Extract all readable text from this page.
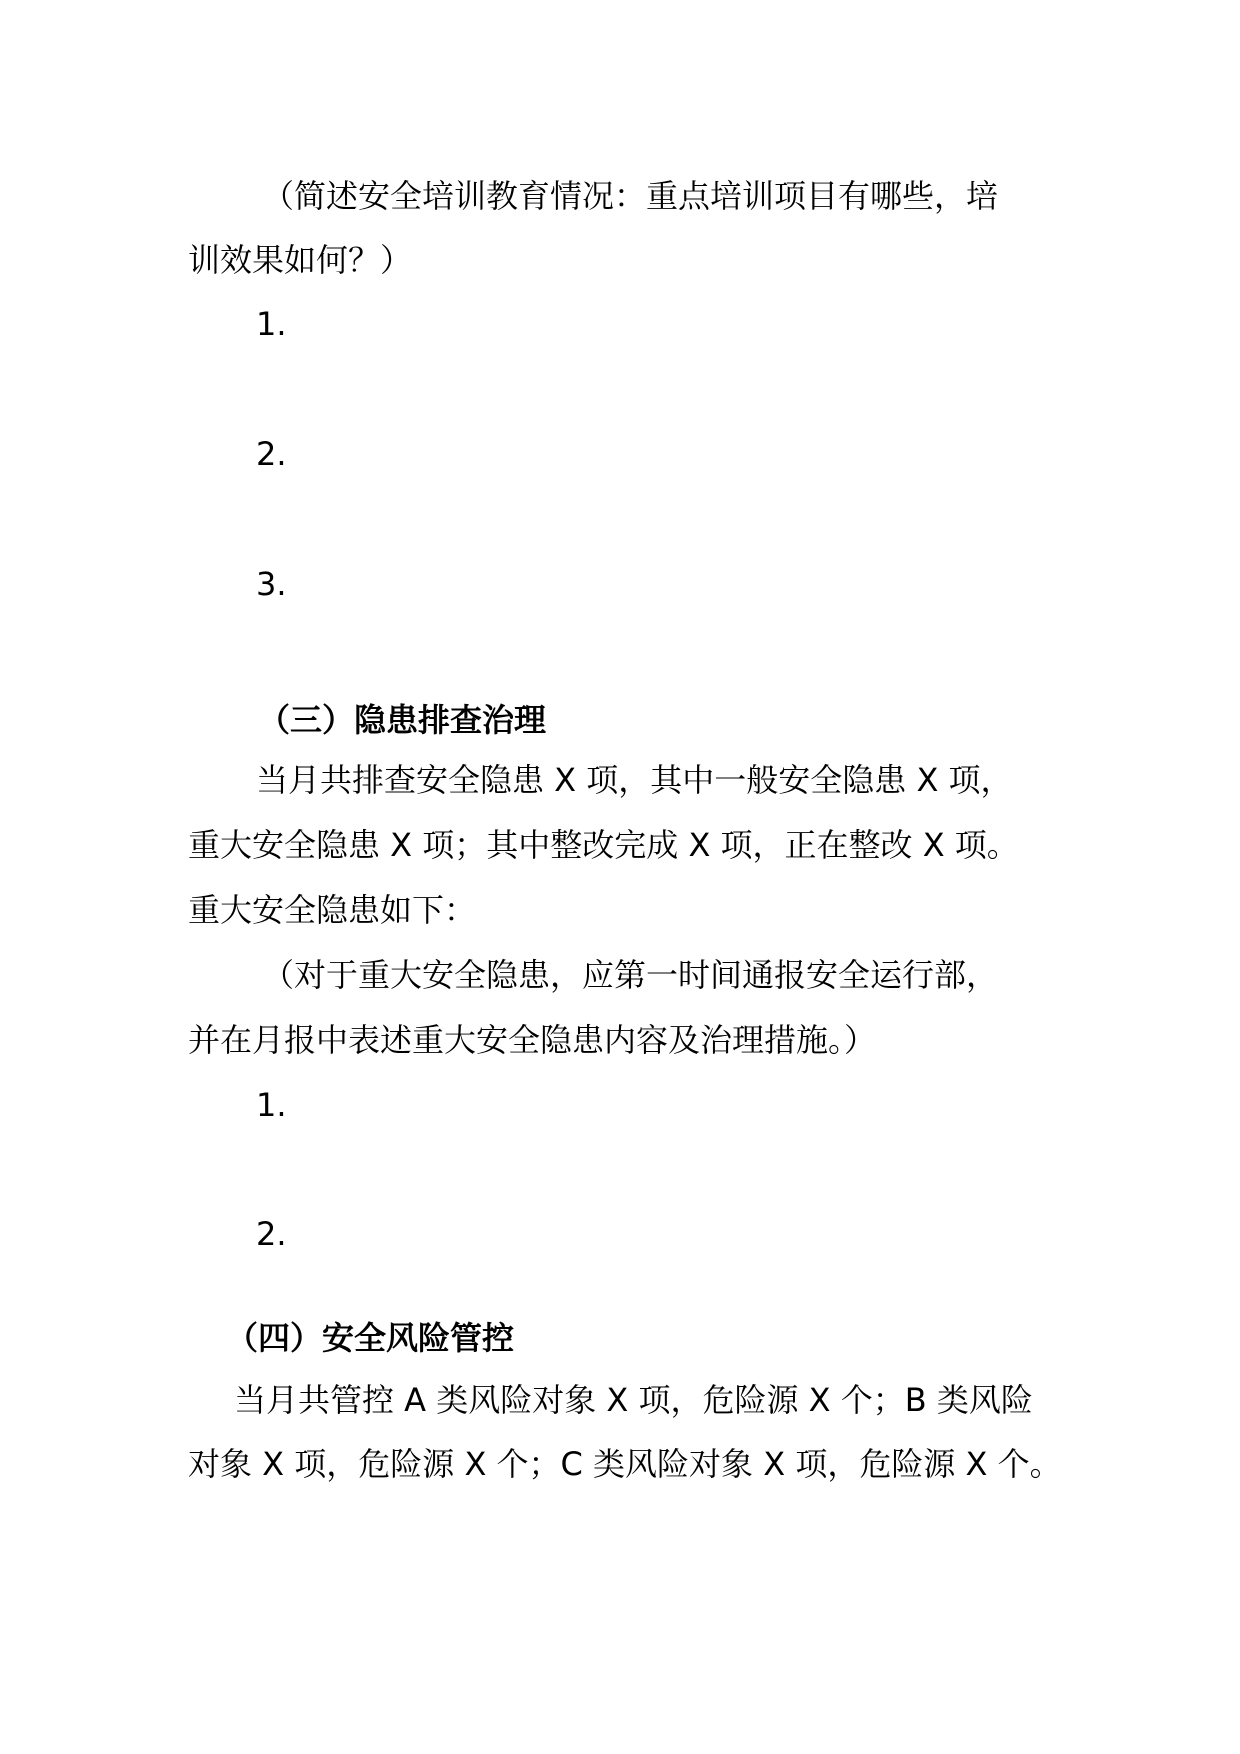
（简述安全培训教育情况：重点培训项目有哪些，培
训效果如何？）
1.
2.
3.
（三）隐患排查治理
当月共排查安全隐患 X 项，其中一般安全隐患 X 项，
重大安全隐患 X 项；其中整改完成 X 项，正在整改 X 项。
重大安全隐患如下：
（对于重大安全隐患，应第一时间通报安全运行部，
并在月报中表述重大安全隐患内容及治理措施。）
1.
2.
（四）安全风险管控
当月共管控 A 类风险对象 X 项，危险源 X 个；B 类风险
对象 X 项，危险源 X 个；C 类风险对象 X 项，危险源 X 个。
